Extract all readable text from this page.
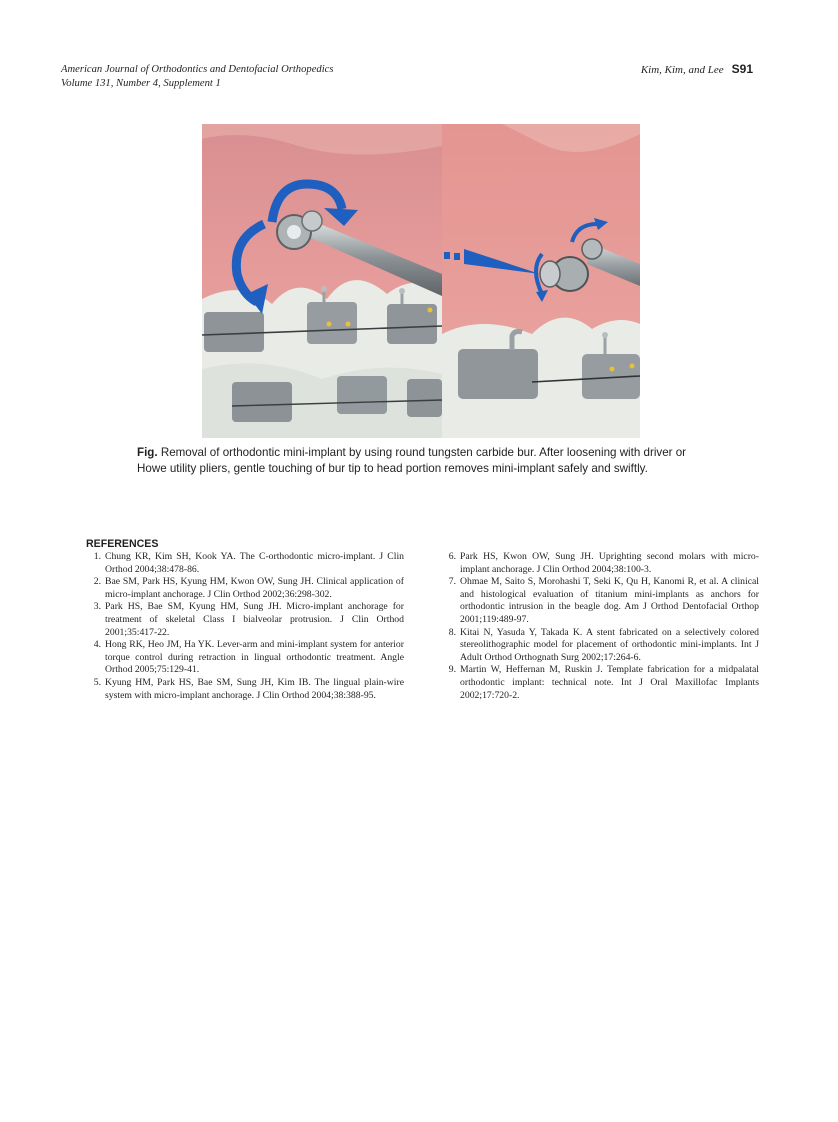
American Journal of Orthodontics and Dentofacial Orthopedics
Volume 131, Number 4, Supplement 1
Kim, Kim, and Lee S91
Fig. Removal of orthodontic mini-implant by using round tungsten carbide bur. After loosening with driver or Howe utility pliers, gentle touching of bur tip to head portion removes mini-implant safely and swiftly.
REFERENCES
1. Chung KR, Kim SH, Kook YA. The C-orthodontic micro-implant. J Clin Orthod 2004;38:478-86.
2. Bae SM, Park HS, Kyung HM, Kwon OW, Sung JH. Clinical application of micro-implant anchorage. J Clin Orthod 2002;36:298-302.
3. Park HS, Bae SM, Kyung HM, Sung JH. Micro-implant anchorage for treatment of skeletal Class I bialveolar protrusion. J Clin Orthod 2001;35:417-22.
4. Hong RK, Heo JM, Ha YK. Lever-arm and mini-implant system for anterior torque control during retraction in lingual orthodontic treatment. Angle Orthod 2005;75:129-41.
5. Kyung HM, Park HS, Bae SM, Sung JH, Kim IB. The lingual plain-wire system with micro-implant anchorage. J Clin Orthod 2004;38:388-95.
6. Park HS, Kwon OW, Sung JH. Uprighting second molars with micro-implant anchorage. J Clin Orthod 2004;38:100-3.
7. Ohmae M, Saito S, Morohashi T, Seki K, Qu H, Kanomi R, et al. A clinical and histological evaluation of titanium mini-implants as anchors for orthodontic intrusion in the beagle dog. Am J Orthod Dentofacial Orthop 2001;119:489-97.
8. Kitai N, Yasuda Y, Takada K. A stent fabricated on a selectively colored stereolithographic model for placement of orthodontic mini-implants. Int J Adult Orthod Orthognath Surg 2002;17:264-6.
9. Martin W, Heffernan M, Ruskin J. Template fabrication for a midpalatal orthodontic implant: technical note. Int J Oral Maxillofac Implants 2002;17:720-2.
